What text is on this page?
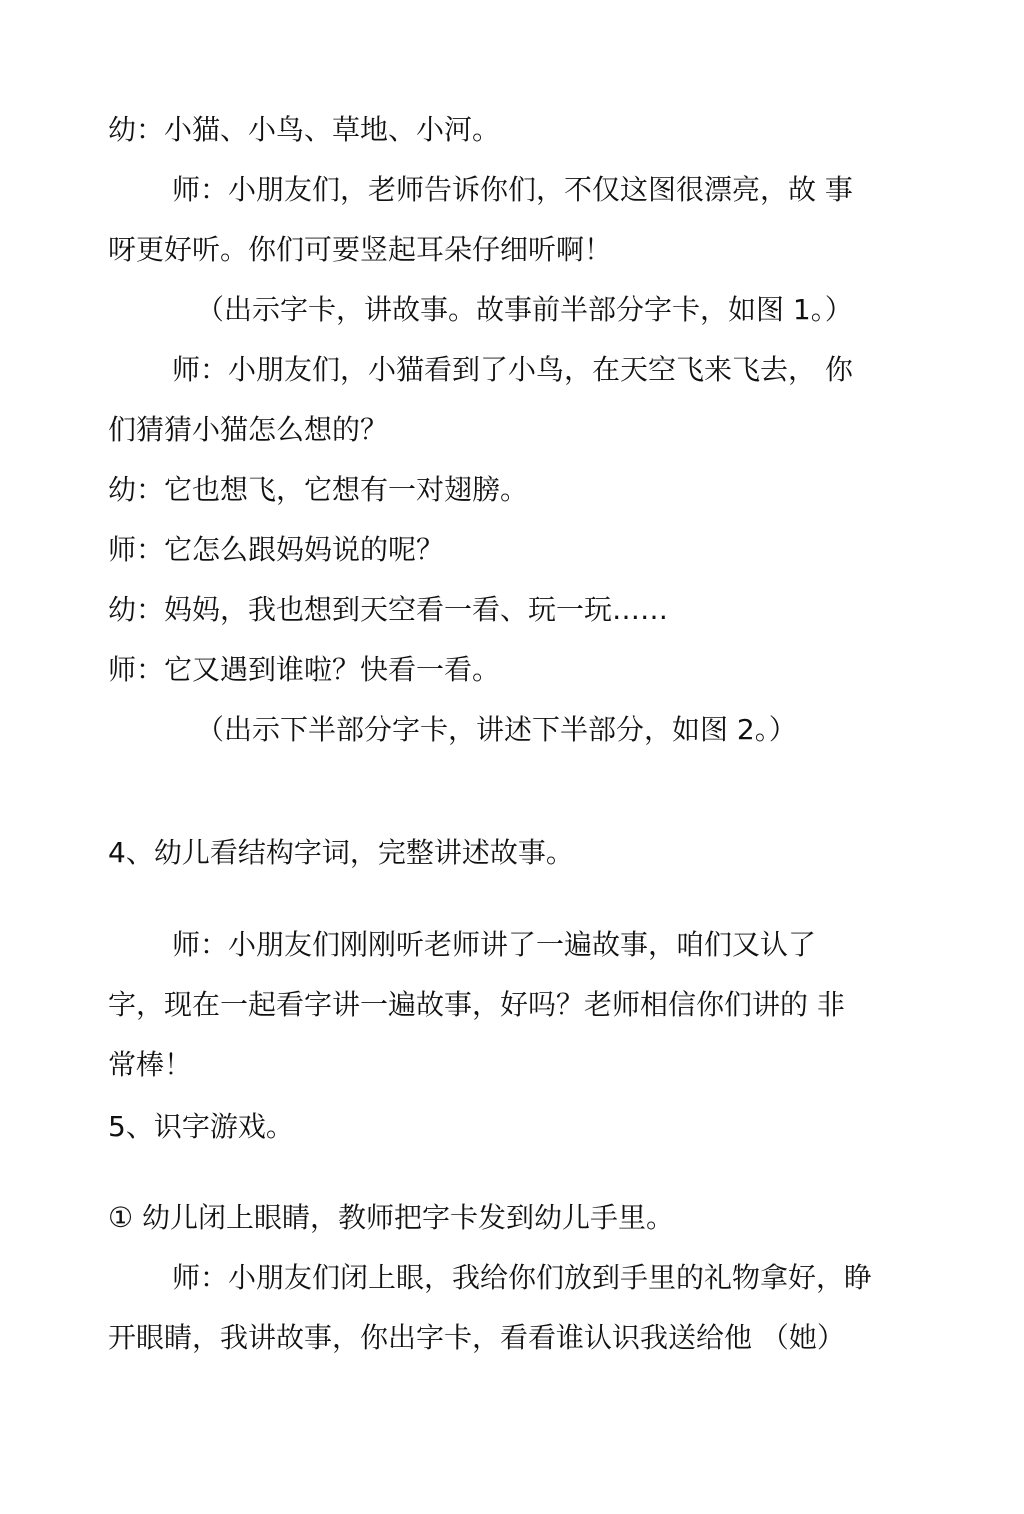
幼：小猫、小鸟、草地、小河。
师：小朋友们，老师告诉你们，不仅这图很漂亮，故 事
呀更好听。你们可要竖起耳朵仔细听啊！
（出示字卡，讲故事。故事前半部分字卡，如图 1。）
师：小朋友们，小猫看到了小鸟，在天空飞来飞去， 你
们猜猜小猫怎么想的？
幼：它也想飞，它想有一对翅膀。
师：它怎么跟妈妈说的呢？
幼：妈妈，我也想到天空看一看、玩一玩……
师：它又遇到谁啦？快看一看。
（出示下半部分字卡，讲述下半部分，如图 2。）
4、幼儿看结构字词，完整讲述故事。
师：小朋友们刚刚听老师讲了一遍故事，咱们又认了
字，现在一起看字讲一遍故事，好吗？老师相信你们讲的 非
常棒！
5、识字游戏。
① 幼儿闭上眼睛，教师把字卡发到幼儿手里。
师：小朋友们闭上眼，我给你们放到手里的礼物拿好，睁
开眼睛，我讲故事，你出字卡，看看谁认识我送给他 （她）
